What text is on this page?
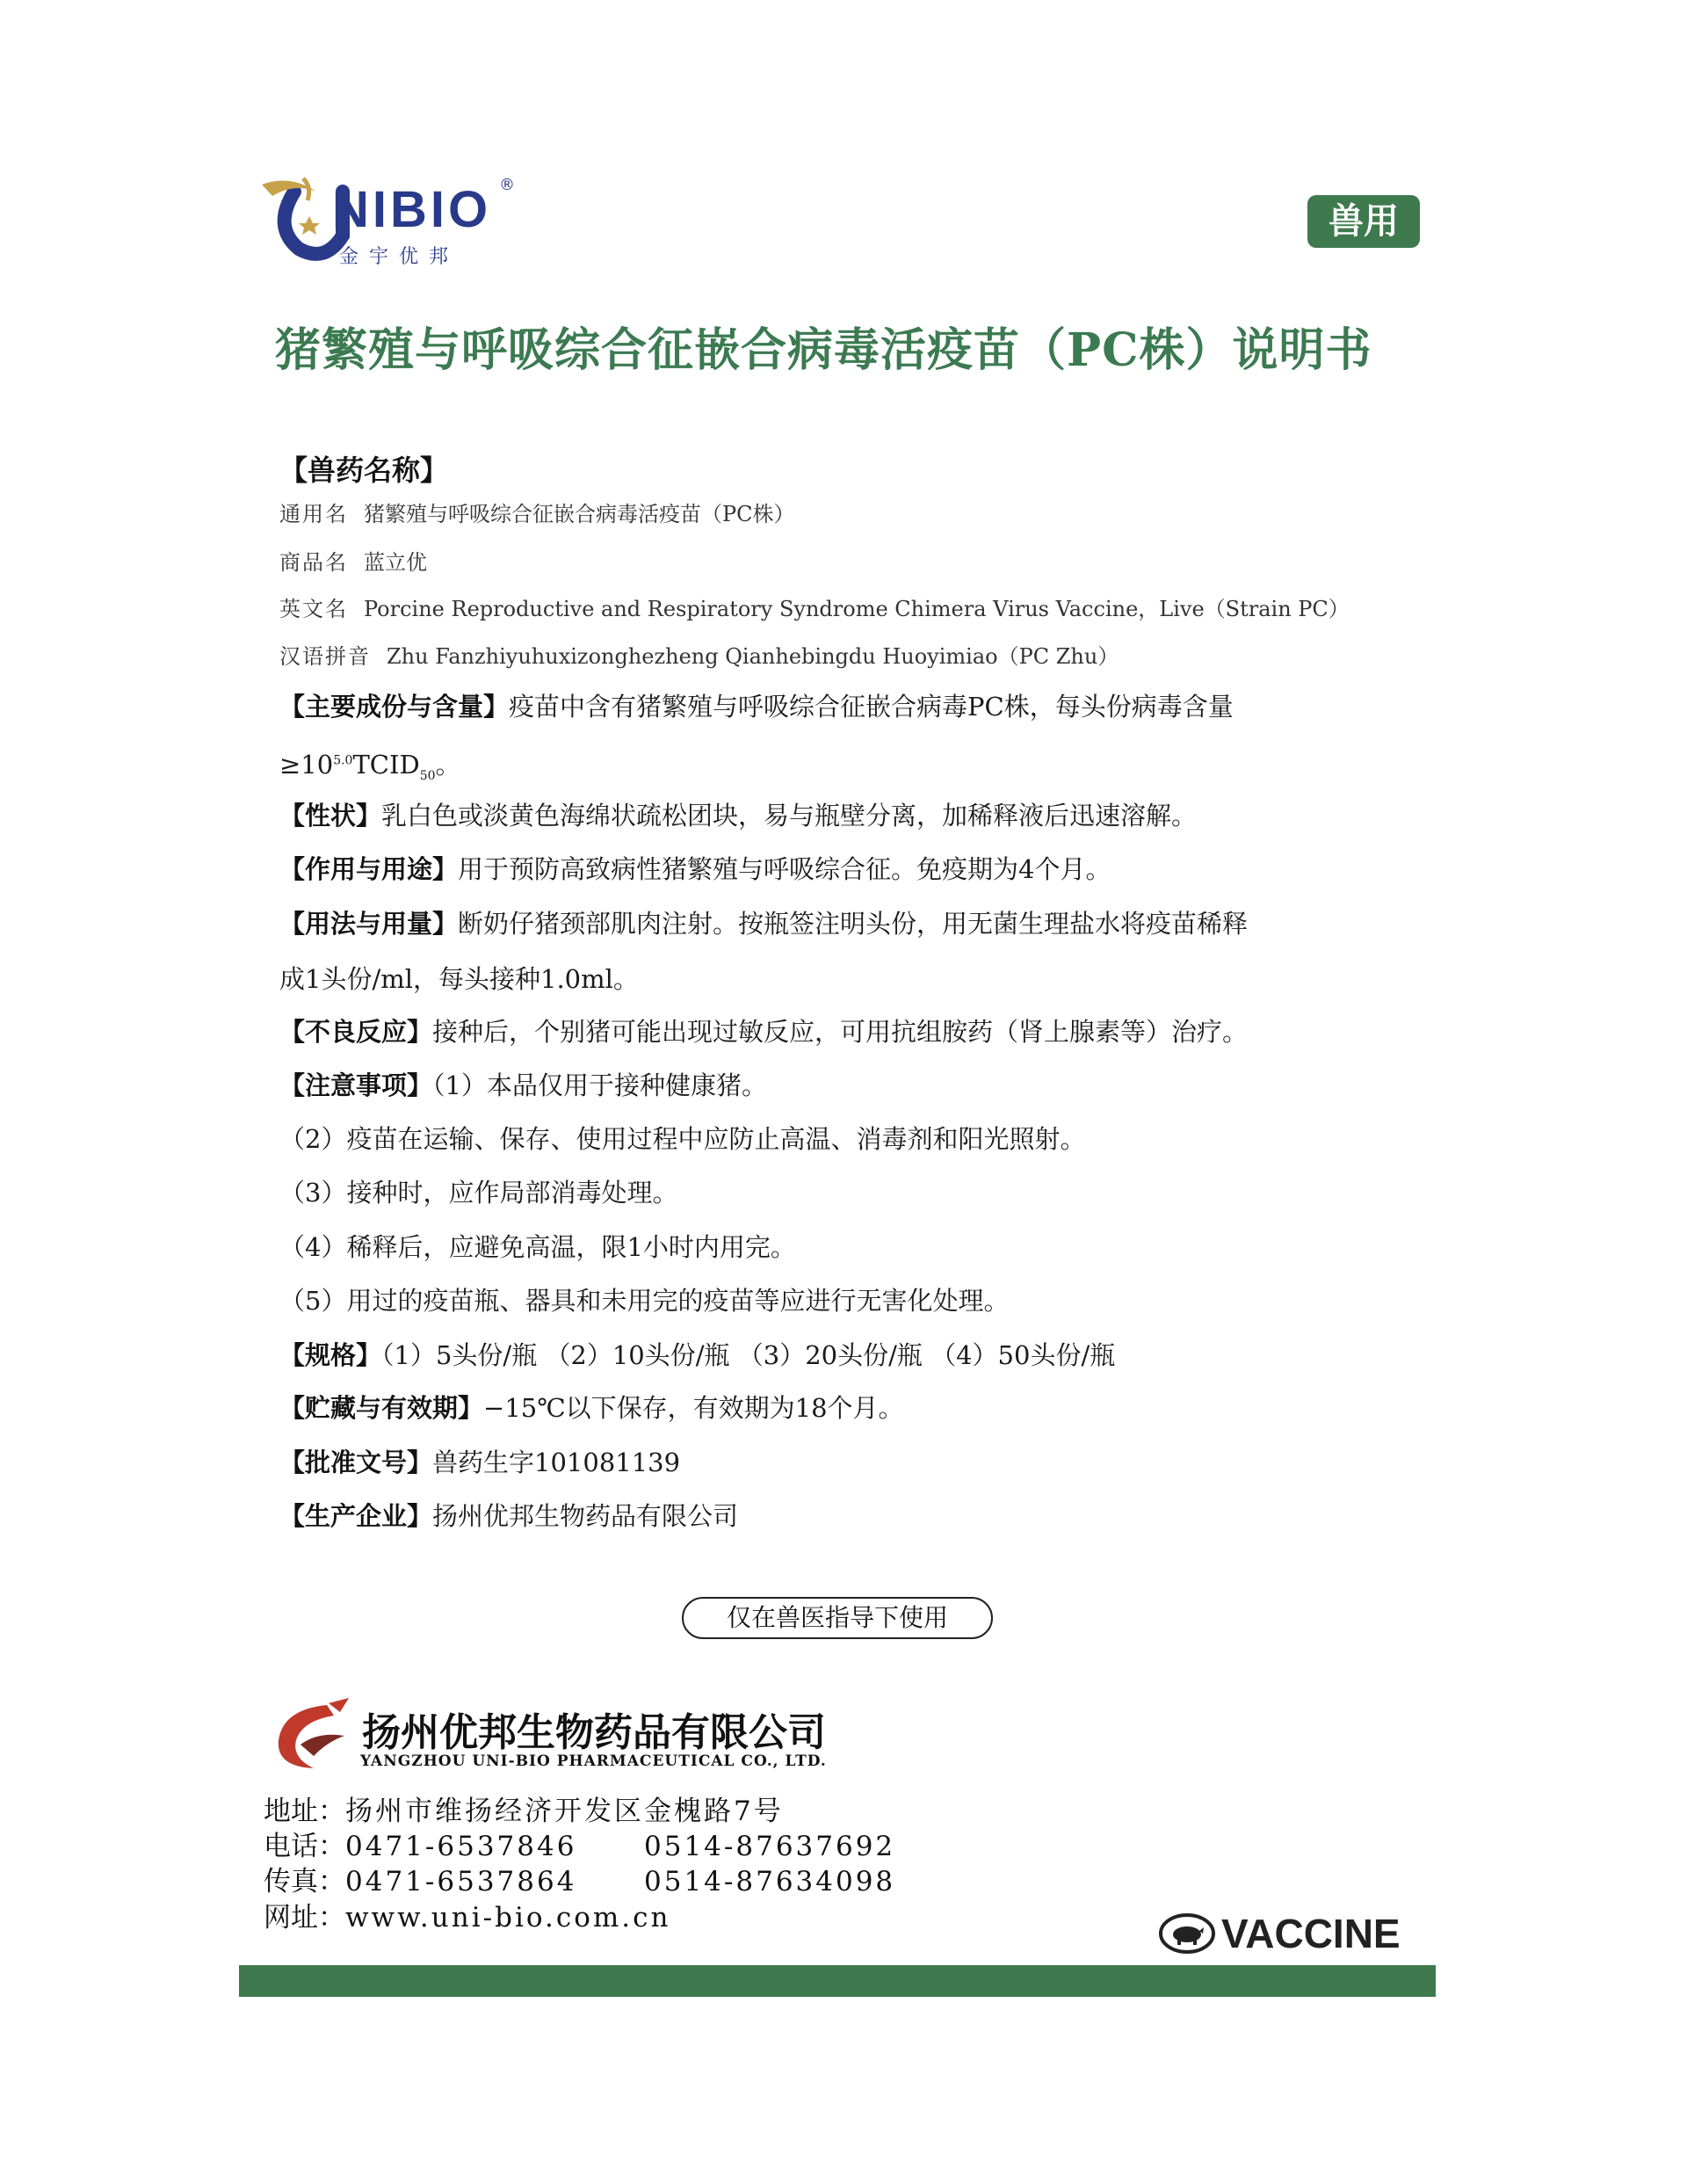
NIBIO ®
金宇优邦
兽用
猪繁殖与呼吸综合征嵌合病毒活疫苗（PC株）说明书
【兽药名称】
通用名 猪繁殖与呼吸综合征嵌合病毒活疫苗（PC株）
商品名 蓝立优
英文名 Porcine Reproductive and Respiratory Syndrome Chimera Virus Vaccine，Live（Strain PC）
汉语拼音 Zhu Fanzhiyuhuxizonghezheng Qianhebingdu Huoyimiao（PC Zhu）
【主要成份与含量】疫苗中含有猪繁殖与呼吸综合征嵌合病毒PC株，每头份病毒含量
$\ge 10^{5.0}TCID_{50}$。
【性状】乳白色或淡黄色海绵状疏松团块，易与瓶壁分离，加稀释液后迅速溶解。
【作用与用途】用于预防高致病性猪繁殖与呼吸综合征。免疫期为4个月。
【用法与用量】断奶仔猪颈部肌肉注射。按瓶签注明头份，用无菌生理盐水将疫苗稀释
成1头份/ml，每头接种1.0ml。
【不良反应】接种后，个别猪可能出现过敏反应，可用抗组胺药（肾上腺素等）治疗。
【注意事项】（1）本品仅用于接种健康猪。
（2）疫苗在运输、保存、使用过程中应防止高温、消毒剂和阳光照射。
（3）接种时，应作局部消毒处理。
（4）稀释后，应避免高温，限1小时内用完。
（5）用过的疫苗瓶、器具和未用完的疫苗等应进行无害化处理。
【规格】（1）5头份/瓶 （2）10头份/瓶 （3）20头份/瓶 （4）50头份/瓶
【贮藏与有效期】−15℃以下保存，有效期为18个月。
【批准文号】兽药生字101081139
【生产企业】扬州优邦生物药品有限公司
仅在兽医指导下使用
扬州优邦生物药品有限公司
YANGZHOU UNI-BIO PHARMACEUTICAL CO., LTD.
地址：扬州市维扬经济开发区金槐路7号
电话：0471-6537846 0514-87637692
传真：0471-6537864 0514-87634098
网址：www.uni-bio.com.cn	VACCINE
